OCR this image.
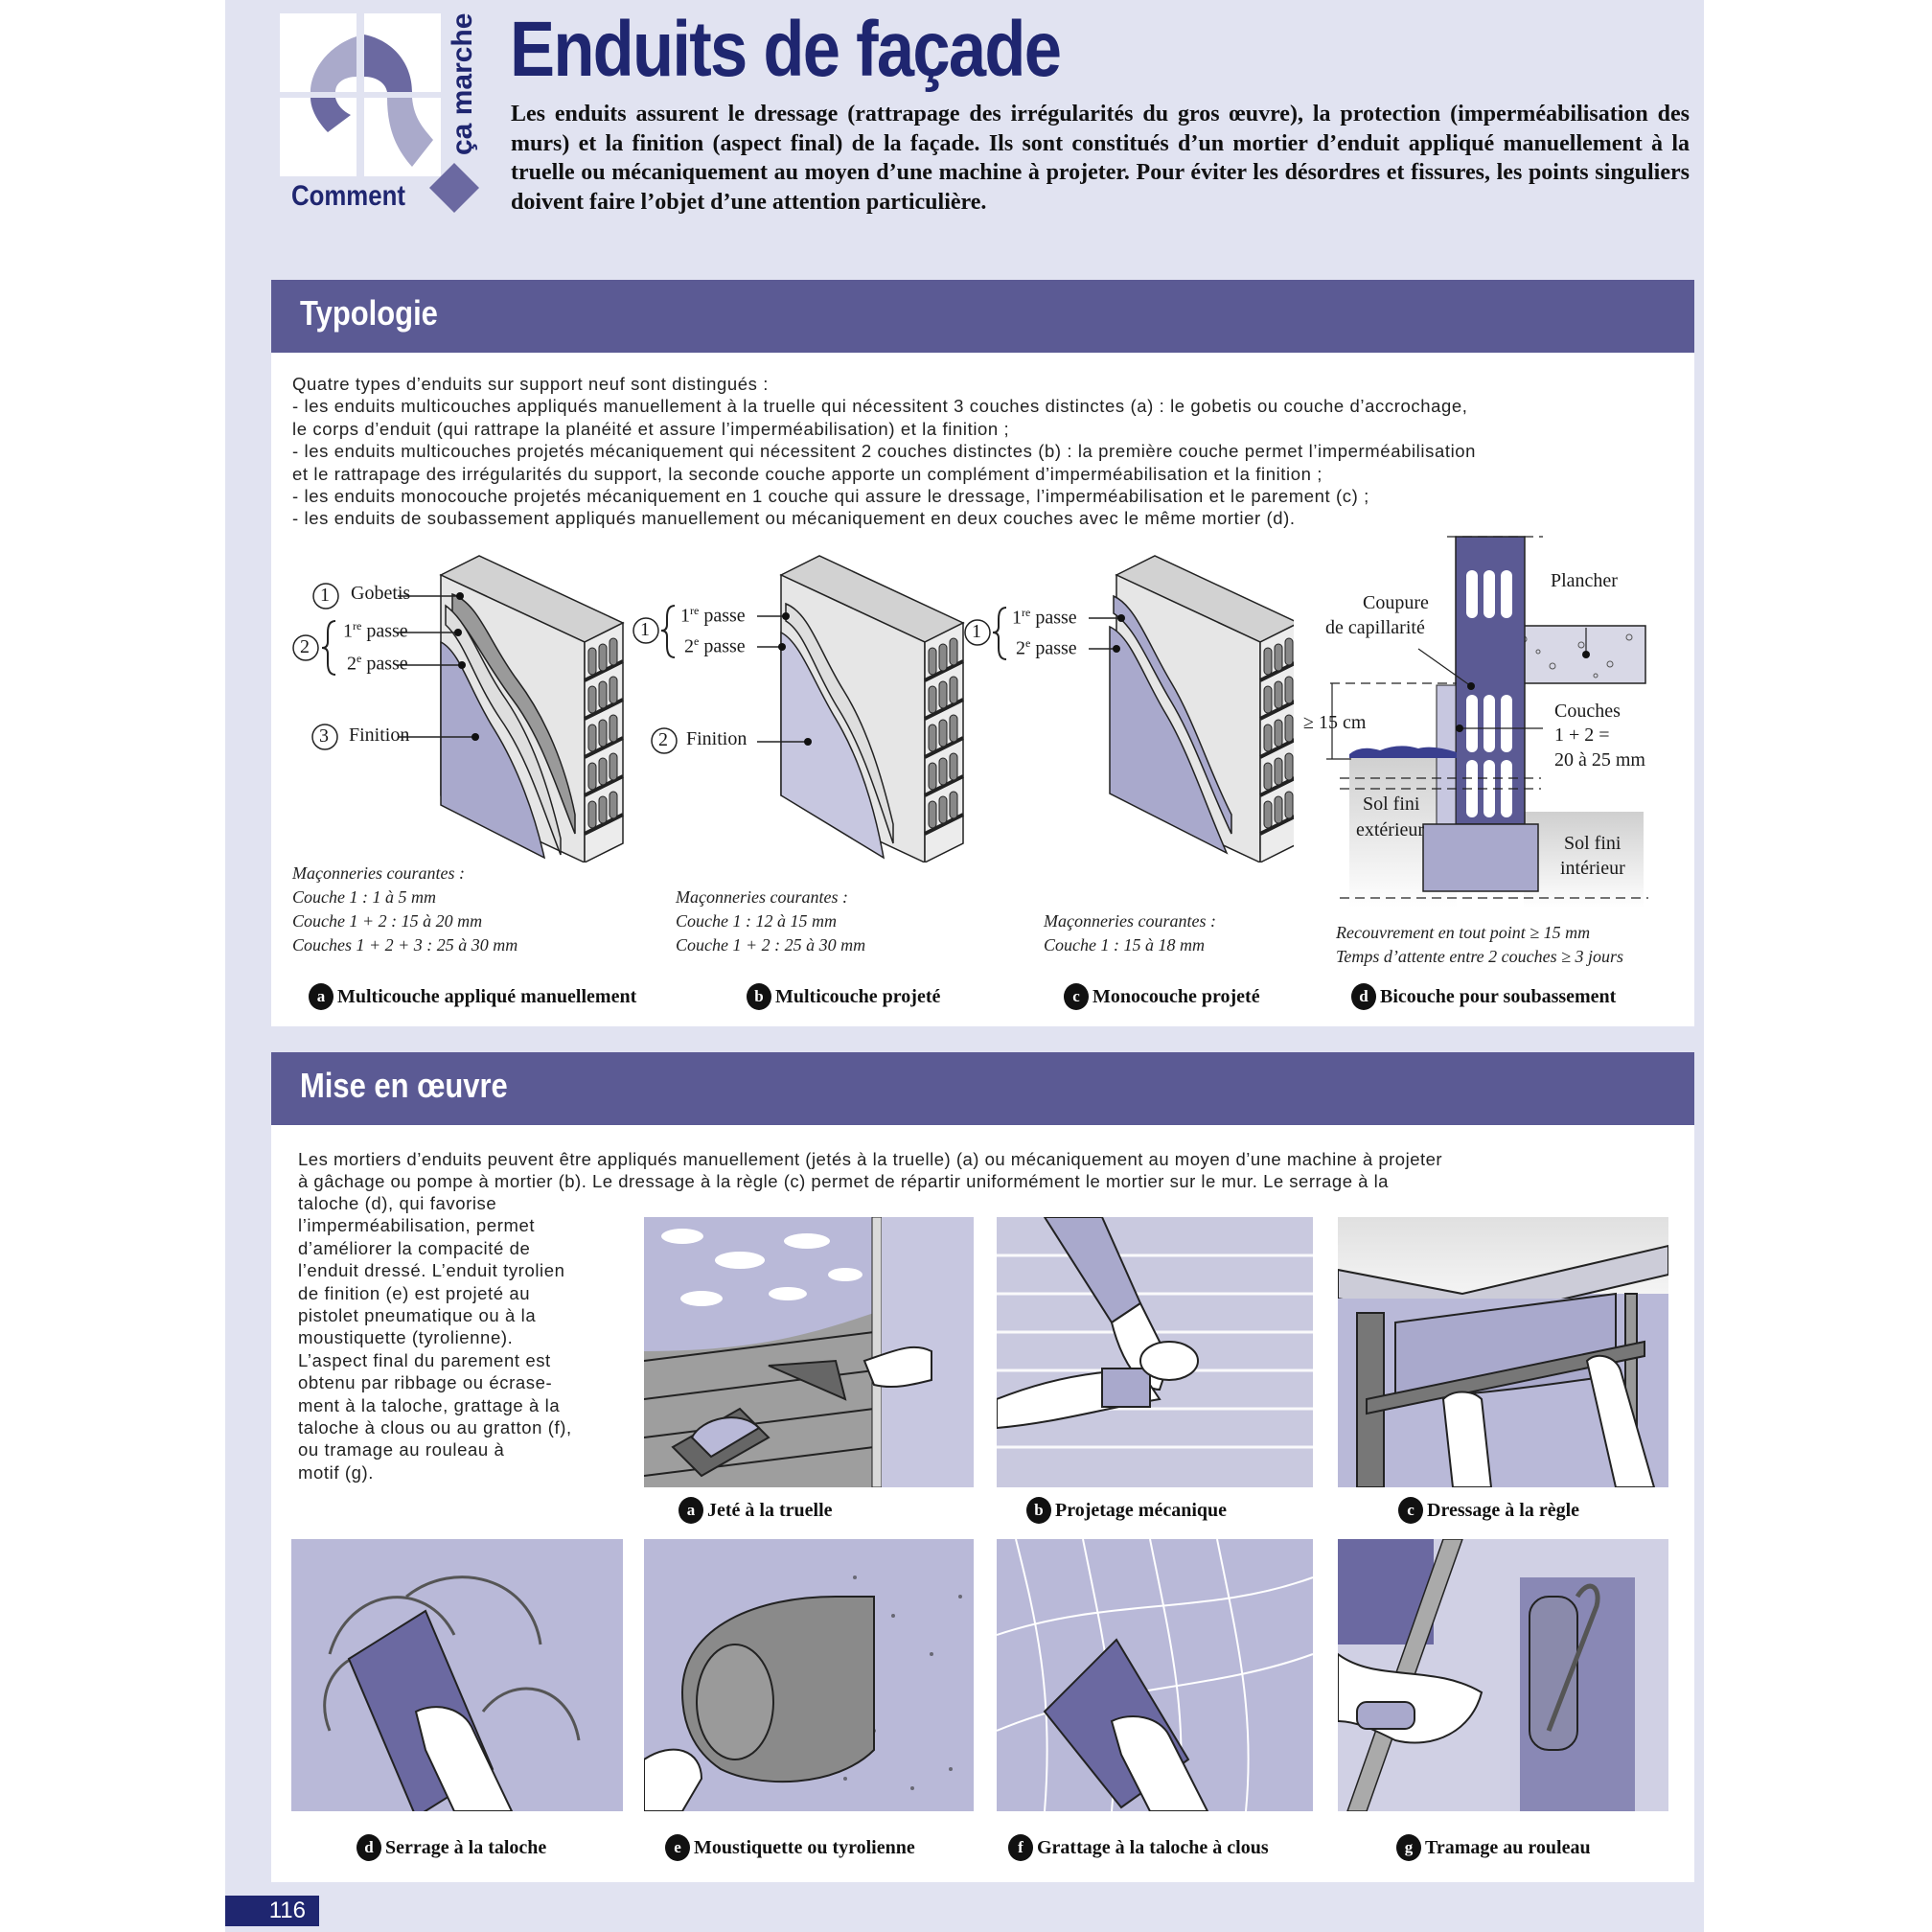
Comment
ça marche Enduits de façade
Les enduits assurent le dressage (rattrapage des irrégularités du gros œuvre), la protection (imperméabilisation des murs) et la finition (aspect final) de la façade. Ils sont constitués d’un mortier d’enduit appliqué manuellement à la truelle ou mécaniquement au moyen d’une machine à projeter. Pour éviter les désordres et fissures, les points singuliers doivent faire l’objet d’une attention particulière.
Typologie
Quatre types d’enduits sur support neuf sont distingués :
- les enduits multicouches appliqués manuellement à la truelle qui nécessitent 3 couches distinctes (a) : le gobetis ou couche d’accrochage,
le corps d’enduit (qui rattrape la planéité et assure l’imperméabilisation) et la finition ;
- les enduits multicouches projetés mécaniquement qui nécessitent 2 couches distinctes (b) : la première couche permet l’imperméabilisation
et le rattrapage des irrégularités du support, la seconde couche apporte un complément d’imperméabilisation et la finition ;
- les enduits monocouche projetés mécaniquement en 1 couche qui assure le dressage, l’imperméabilisation et le parement (c) ;
- les enduits de soubassement appliqués manuellement ou mécaniquement en deux couches avec le même mortier (d).
1 Gobetis
2
1re passe
2e passe
3 Finition
Maçonneries courantes :
Couche 1 : 1 à 5 mm
Couche 1 + 2 : 15 à 20 mm
Couches 1 + 2 + 3 : 25 à 30 mm
a Multicouche appliqué manuellement
1
1re passe
2e passe
2 Finition
Maçonneries courantes :
Couche 1 : 12 à 15 mm
Couche 1 + 2 : 25 à 30 mm
b Multicouche projeté
1
1re passe
2e passe
Maçonneries courantes :
Couche 1 : 15 à 18 mm
c Monocouche projeté
Plancher
Coupure
de capillarité
≥ 15 cm
Couches
1 + 2 =
20 à 25 mm
Sol fini
extérieur
Sol fini
intérieur
Recouvrement en tout point ≥ 15 mm
Temps d’attente entre 2 couches ≥ 3 jours
d Bicouche pour soubassement
Mise en œuvre
Les mortiers d’enduits peuvent être appliqués manuellement (jetés à la truelle) (a) ou mécaniquement au moyen d’une machine à projeter
à gâchage ou pompe à mortier (b). Le dressage à la règle (c) permet de répartir uniformément le mortier sur le mur. Le serrage à la
taloche (d), qui favorise
l’imperméabilisation, permet
d’améliorer la compacité de
l’enduit dressé. L’enduit tyrolien
de finition (e) est projeté au
pistolet pneumatique ou à la
moustiquette (tyrolienne).
L’aspect final du parement est
obtenu par ribbage ou écrase-
ment à la taloche, grattage à la
taloche à clous ou au gratton (f),
ou tramage au rouleau à
motif (g).
a Jeté à la truelle	b Projetage mécanique	c Dressage à la règle
d Serrage à la taloche	e Moustiquette ou tyrolienne	f Grattage à la taloche à clous	g Tramage au rouleau
116
